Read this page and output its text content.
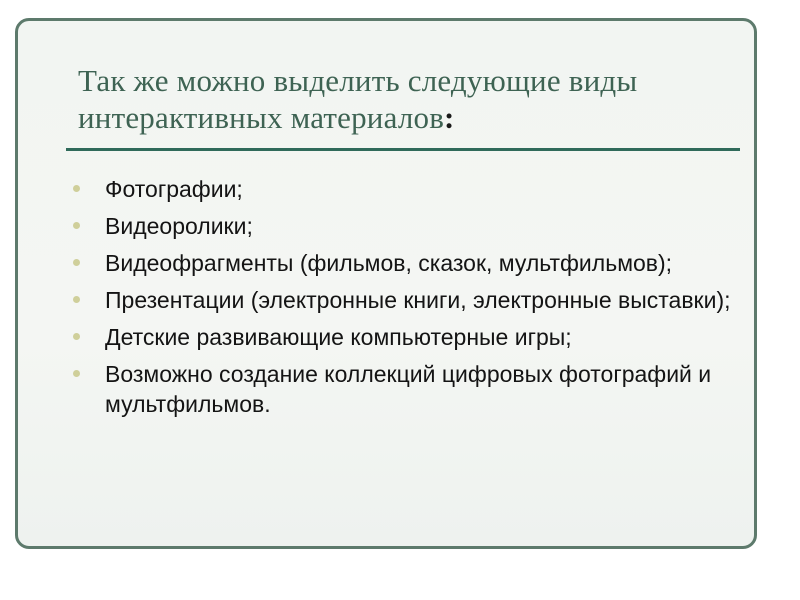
Так же можно выделить следующие виды интерактивных материалов:
Фотографии;
Видеоролики;
Видеофрагменты (фильмов, сказок, мультфильмов);
Презентации (электронные книги, электронные выставки);
Детские развивающие компьютерные игры;
Возможно создание коллекций цифровых фотографий и мультфильмов.
